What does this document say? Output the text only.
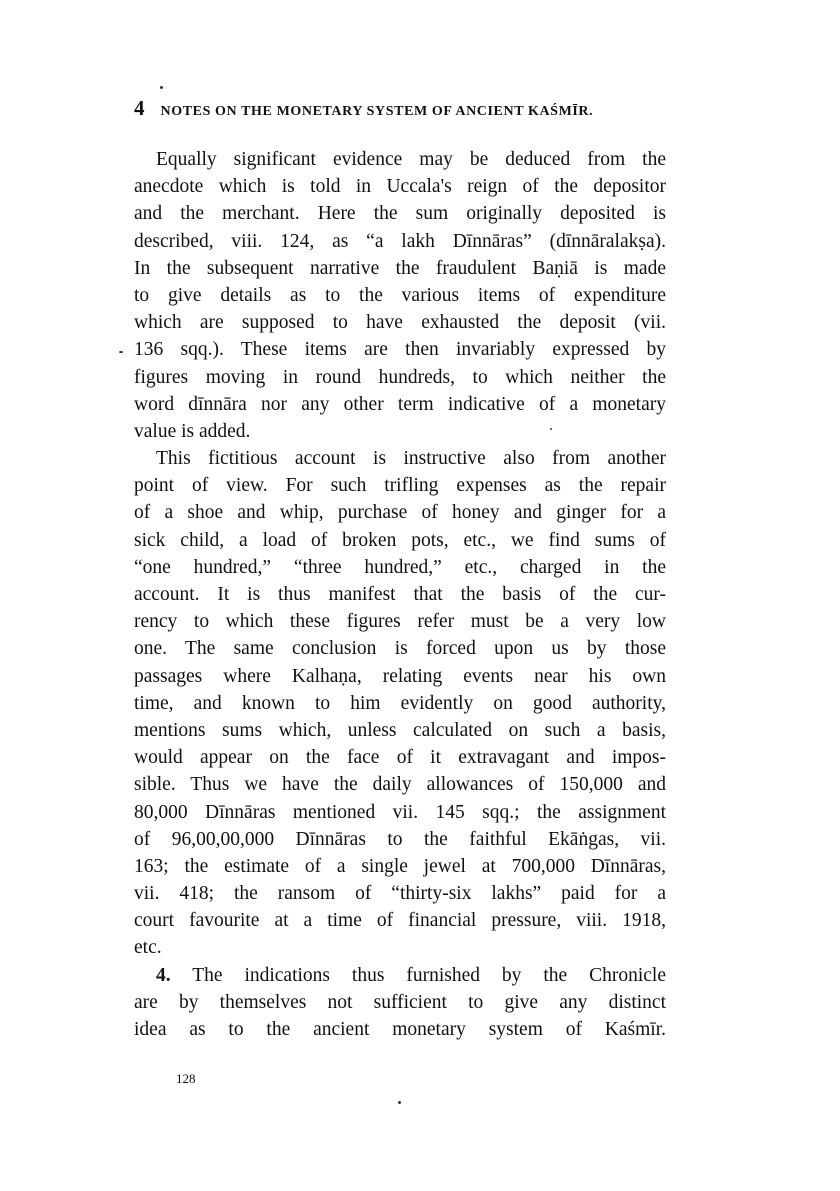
4 NOTES ON THE MONETARY SYSTEM OF ANCIENT KAŚMĪR.
Equally significant evidence may be deduced from the
anecdote which is told in Uccala's reign of the depositor
and the merchant. Here the sum originally deposited is
described, viii. 124, as “a lakh Dīnnāras” (dīnnāralakṣa).
In the subsequent narrative the fraudulent Baṇiā is made
to give details as to the various items of expenditure
which are supposed to have exhausted the deposit (vii.
136 sqq.). These items are then invariably expressed by
figures moving in round hundreds, to which neither the
word dīnnāra nor any other term indicative of a monetary
value is added.
This fictitious account is instructive also from another
point of view. For such trifling expenses as the repair
of a shoe and whip, purchase of honey and ginger for a
sick child, a load of broken pots, etc., we find sums of
“one hundred,” “three hundred,” etc., charged in the
account. It is thus manifest that the basis of the cur-
rency to which these figures refer must be a very low
one. The same conclusion is forced upon us by those
passages where Kalhaṇa, relating events near his own
time, and known to him evidently on good authority,
mentions sums which, unless calculated on such a basis,
would appear on the face of it extravagant and impos-
sible. Thus we have the daily allowances of 150,000 and
80,000 Dīnnāras mentioned vii. 145 sqq.; the assignment
of 96,00,00,000 Dīnnāras to the faithful Ekāṅgas, vii.
163; the estimate of a single jewel at 700,000 Dīnnāras,
vii. 418; the ransom of “thirty-six lakhs” paid for a
court favourite at a time of financial pressure, viii. 1918,
etc.
4. The indications thus furnished by the Chronicle
are by themselves not sufficient to give any distinct
idea as to the ancient monetary system of Kaśmīr.
128
